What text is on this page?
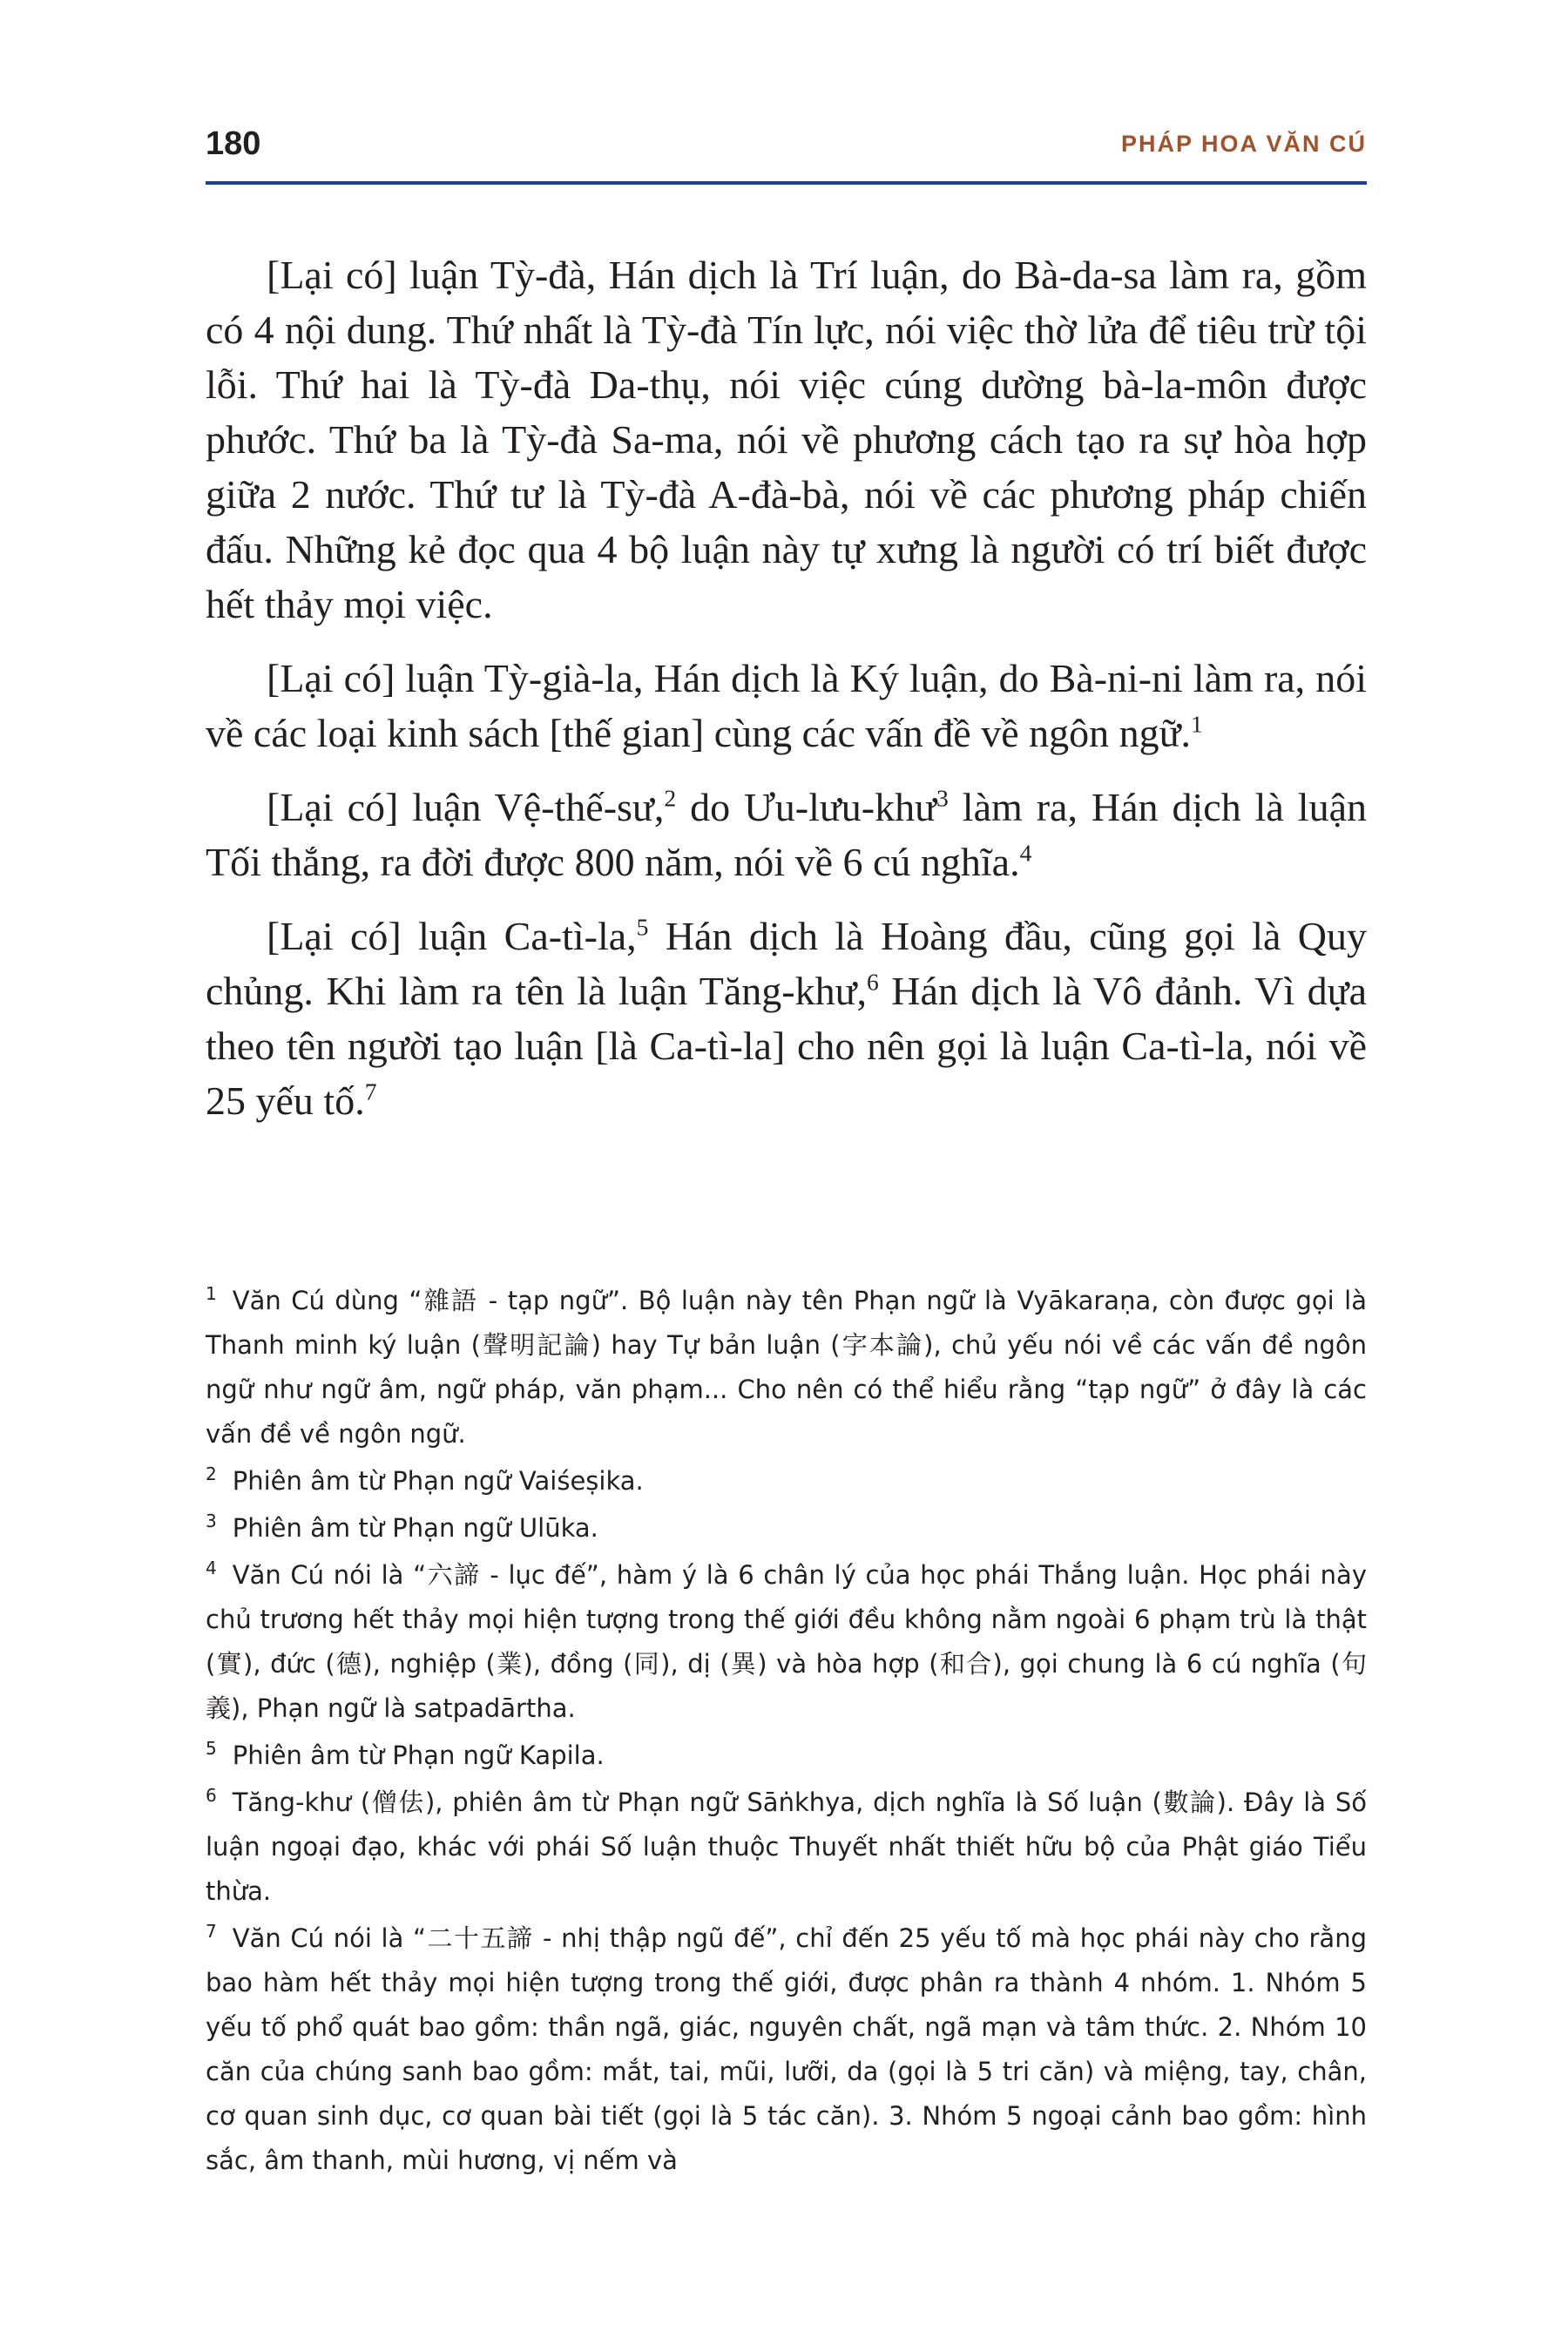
180	PHÁP HOA VĂN CÚ

[Lại có] luận Tỳ-đà, Hán dịch là Trí luận, do Bà-da-sa làm ra, gồm có 4 nội dung. Thứ nhất là Tỳ-đà Tín lực, nói việc thờ lửa để tiêu trừ tội lỗi. Thứ hai là Tỳ-đà Da-thụ, nói việc cúng dường bà-la-môn được phước. Thứ ba là Tỳ-đà Sa-ma, nói về phương cách tạo ra sự hòa hợp giữa 2 nước. Thứ tư là Tỳ-đà A-đà-bà, nói về các phương pháp chiến đấu. Những kẻ đọc qua 4 bộ luận này tự xưng là người có trí biết được hết thảy mọi việc.

[Lại có] luận Tỳ-già-la, Hán dịch là Ký luận, do Bà-ni-ni làm ra, nói về các loại kinh sách [thế gian] cùng các vấn đề về ngôn ngữ.$^1$

[Lại có] luận Vệ-thế-sư,$^2$ do Ưu-lưu-khư$^3$ làm ra, Hán dịch là luận Tối thắng, ra đời được 800 năm, nói về 6 cú nghĩa.$^4$

[Lại có] luận Ca-tì-la,$^5$ Hán dịch là Hoàng đầu, cũng gọi là Quy chủng. Khi làm ra tên là luận Tăng-khư,$^6$ Hán dịch là Vô đảnh. Vì dựa theo tên người tạo luận [là Ca-tì-la] cho nên gọi là luận Ca-tì-la, nói về 25 yếu tố.$^7$

$^1$ Văn Cú dùng “雜語 - tạp ngữ”. Bộ luận này tên Phạn ngữ là Vyākaraṇa, còn được gọi là Thanh minh ký luận (聲明記論) hay Tự bản luận (字本論), chủ yếu nói về các vấn đề ngôn ngữ như ngữ âm, ngữ pháp, văn phạm... Cho nên có thể hiểu rằng “tạp ngữ” ở đây là các vấn đề về ngôn ngữ.
$^2$ Phiên âm từ Phạn ngữ Vaiśeṣika.
$^3$ Phiên âm từ Phạn ngữ Ulūka.
$^4$ Văn Cú nói là “六諦 - lục đế”, hàm ý là 6 chân lý của học phái Thắng luận. Học phái này chủ trương hết thảy mọi hiện tượng trong thế giới đều không nằm ngoài 6 phạm trù là thật (實), đức (德), nghiệp (業), đồng (同), dị (異) và hòa hợp (和合), gọi chung là 6 cú nghĩa (句義), Phạn ngữ là satpadārtha.
$^5$ Phiên âm từ Phạn ngữ Kapila.
$^6$ Tăng-khư (僧佉), phiên âm từ Phạn ngữ Sāṅkhya, dịch nghĩa là Số luận (數論). Đây là Số luận ngoại đạo, khác với phái Số luận thuộc Thuyết nhất thiết hữu bộ của Phật giáo Tiểu thừa.
$^7$ Văn Cú nói là “二十五諦 - nhị thập ngũ đế”, chỉ đến 25 yếu tố mà học phái này cho rằng bao hàm hết thảy mọi hiện tượng trong thế giới, được phân ra thành 4 nhóm. 1. Nhóm 5 yếu tố phổ quát bao gồm: thần ngã, giác, nguyên chất, ngã mạn và tâm thức. 2. Nhóm 10 căn của chúng sanh bao gồm: mắt, tai, mũi, lưỡi, da (gọi là 5 tri căn) và miệng, tay, chân, cơ quan sinh dục, cơ quan bài tiết (gọi là 5 tác căn). 3. Nhóm 5 ngoại cảnh bao gồm: hình sắc, âm thanh, mùi hương, vị nếm và
